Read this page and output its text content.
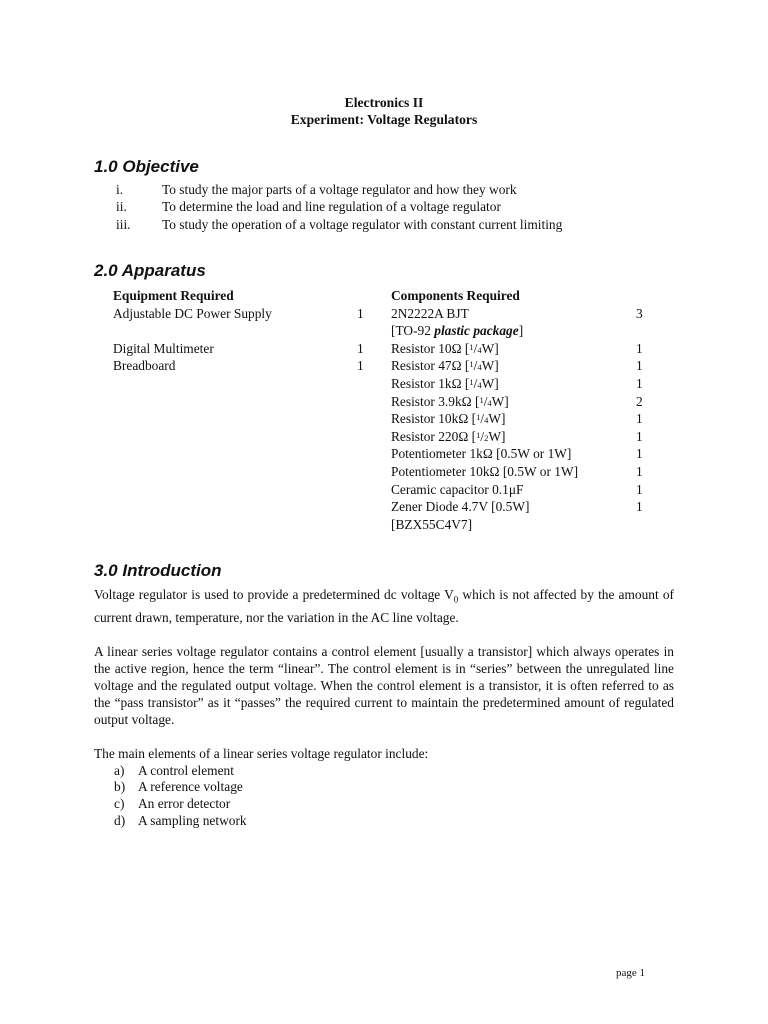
Electronics II
Experiment: Voltage Regulators
1.0 Objective
i.	To study the major parts of a voltage regulator and how they work
ii.	To determine the load and line regulation of a voltage regulator
iii. To study the operation of a voltage regulator with constant current limiting
2.0 Apparatus
Equipment Required
Adjustable DC Power Supply	1
Digital Multimeter	1
Breadboard	1
Components Required
2N2222A BJT	3
[TO-92 plastic package]
Resistor 10Ω [$^1$/4W]	1
Resistor 47Ω [$^1$/4W]	1
Resistor 1kΩ [$^1$/4W]	1
Resistor 3.9kΩ [$^1$/4W]	2
Resistor 10kΩ [$^1$/4W]	1
Resistor 220Ω [$^1$/2W]	1
Potentiometer 1kΩ [0.5W or 1W]	1
Potentiometer 10kΩ [0.5W or 1W]	1
Ceramic capacitor 0.1μF	1
Zener Diode 4.7V [0.5W]	1
[BZX55C4V7]
3.0 Introduction

Voltage regulator is used to provide a predetermined dc voltage $V_0$ which is not affected by the amount of current drawn, temperature, nor the variation in the AC line voltage.

A linear series voltage regulator contains a control element [usually a transistor] which always operates in the active region, hence the term “linear”. The control element is in “series” between the unregulated line voltage and the regulated output voltage. When the control element is a transistor, it is often referred to as the “pass transistor” as it “passes” the required current to maintain the predetermined amount of regulated output voltage.

The main elements of a linear series voltage regulator include:

a) A control element
b) A reference voltage
c) An error detector
d) A sampling network
page 1
